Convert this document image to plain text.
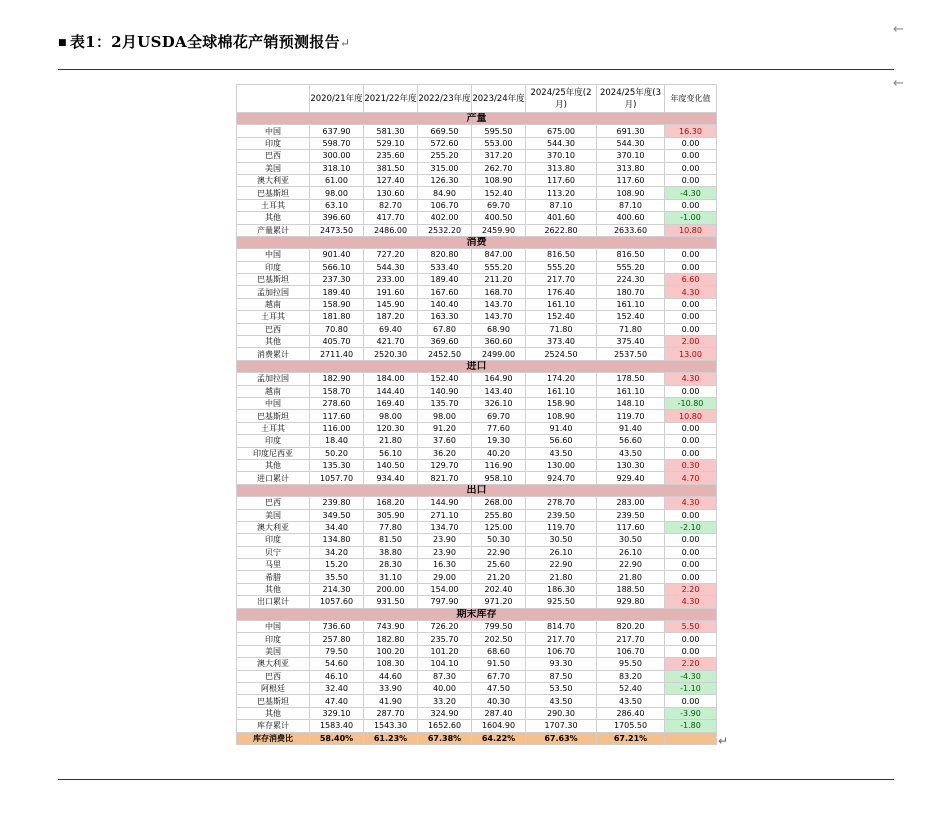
■ 表1：2月USDA全球棉花产销预测报告↵
←
←
	2020/21年度	2021/22年度	2022/23年度	2023/24年度	2024/25年度(2月)	2024/25年度(3月)	年度变化值
产量							
中国	637.90	581.30	669.50	595.50	675.00	691.30	16.30
印度	598.70	529.10	572.60	553.00	544.30	544.30	0.00
巴西	300.00	235.60	255.20	317.20	370.10	370.10	0.00
美国	318.10	381.50	315.00	262.70	313.80	313.80	0.00
澳大利亚	61.00	127.40	126.30	108.90	117.60	117.60	0.00
巴基斯坦	98.00	130.60	84.90	152.40	113.20	108.90	-4.30
土耳其	63.10	82.70	106.70	69.70	87.10	87.10	0.00
其他	396.60	417.70	402.00	400.50	401.60	400.60	-1.00
产量累计	2473.50	2486.00	2532.20	2459.90	2622.80	2633.60	10.80
消费							
中国	901.40	727.20	820.80	847.00	816.50	816.50	0.00
印度	566.10	544.30	533.40	555.20	555.20	555.20	0.00
巴基斯坦	237.30	233.00	189.40	211.20	217.70	224.30	6.60
孟加拉国	189.40	191.60	167.60	168.70	176.40	180.70	4.30
越南	158.90	145.90	140.40	143.70	161.10	161.10	0.00
土耳其	181.80	187.20	163.30	143.70	152.40	152.40	0.00
巴西	70.80	69.40	67.80	68.90	71.80	71.80	0.00
其他	405.70	421.70	369.60	360.60	373.40	375.40	2.00
消费累计	2711.40	2520.30	2452.50	2499.00	2524.50	2537.50	13.00
进口							
孟加拉国	182.90	184.00	152.40	164.90	174.20	178.50	4.30
越南	158.70	144.40	140.90	143.40	161.10	161.10	0.00
中国	278.60	169.40	135.70	326.10	158.90	148.10	-10.80
巴基斯坦	117.60	98.00	98.00	69.70	108.90	119.70	10.80
土耳其	116.00	120.30	91.20	77.60	91.40	91.40	0.00
印度	18.40	21.80	37.60	19.30	56.60	56.60	0.00
印度尼西亚	50.20	56.10	36.20	40.20	43.50	43.50	0.00
其他	135.30	140.50	129.70	116.90	130.00	130.30	0.30
进口累计	1057.70	934.40	821.70	958.10	924.70	929.40	4.70
出口							
巴西	239.80	168.20	144.90	268.00	278.70	283.00	4.30
美国	349.50	305.90	271.10	255.80	239.50	239.50	0.00
澳大利亚	34.40	77.80	134.70	125.00	119.70	117.60	-2.10
印度	134.80	81.50	23.90	50.30	30.50	30.50	0.00
贝宁	34.20	38.80	23.90	22.90	26.10	26.10	0.00
马里	15.20	28.30	16.30	25.60	22.90	22.90	0.00
希腊	35.50	31.10	29.00	21.20	21.80	21.80	0.00
其他	214.30	200.00	154.00	202.40	186.30	188.50	2.20
出口累计	1057.60	931.50	797.90	971.20	925.50	929.80	4.30
期末库存							
中国	736.60	743.90	726.20	799.50	814.70	820.20	5.50
印度	257.80	182.80	235.70	202.50	217.70	217.70	0.00
美国	79.50	100.20	101.20	68.60	106.70	106.70	0.00
澳大利亚	54.60	108.30	104.10	91.50	93.30	95.50	2.20
巴西	46.10	44.60	87.30	67.70	87.50	83.20	-4.30
阿根廷	32.40	33.90	40.00	47.50	53.50	52.40	-1.10
巴基斯坦	47.40	41.90	33.20	40.30	43.50	43.50	0.00
其他	329.10	287.70	324.90	287.40	290.30	286.40	-3.90
库存累计	1583.40	1543.30	1652.60	1604.90	1707.30	1705.50	-1.80
库存消费比	58.40%	61.23%	67.38%	64.22%	67.63%	67.21%		↵
